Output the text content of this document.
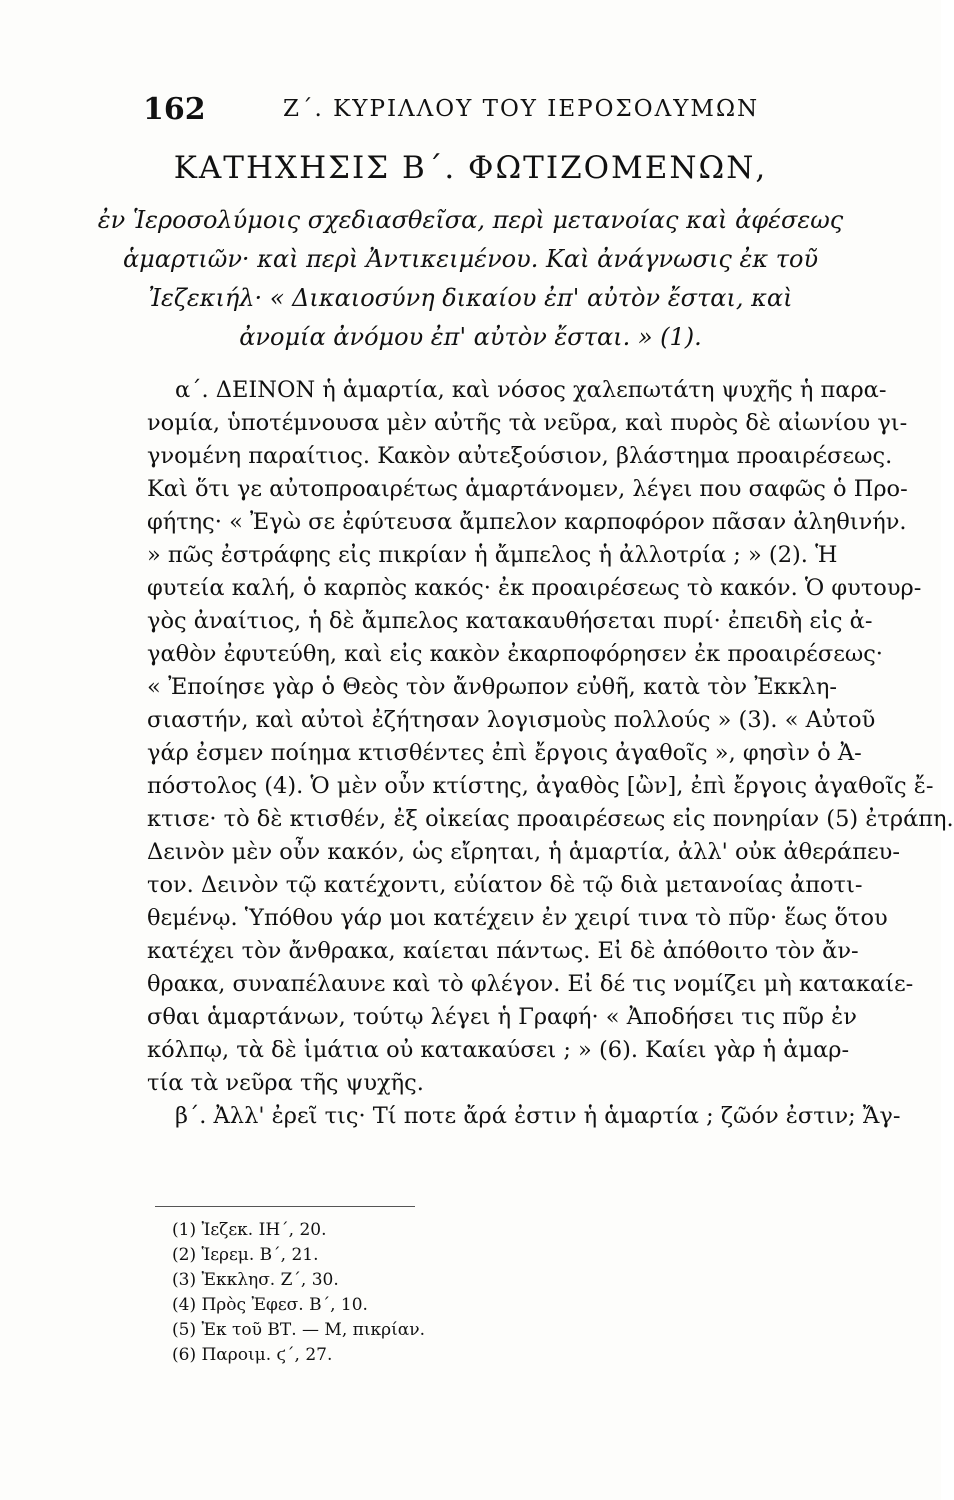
162	Ζ΄. ΚΥΡΙΛΛΟΥ ΤΟΥ ΙΕΡΟΣΟΛΥΜΩΝ
ΚΑΤΗΧΗΣΙΣ Β΄. ΦΩΤΙΖΟΜΕΝΩΝ,
ἐν Ἱεροσολύμοις σχεδιασθεῖσα, περὶ μετανοίας καὶ ἀφέσεως
ἁμαρτιῶν· καὶ περὶ Ἀντικειμένου. Καὶ ἀνάγνωσις ἐκ τοῦ
Ἰεζεκιήλ· « Δικαιοσύνη δικαίου ἐπ' αὐτὸν ἔσται, καὶ
ἀνομία ἀνόμου ἐπ' αὐτὸν ἔσται. » (1).
α΄. ΔΕΙΝΟΝ ἡ ἁμαρτία, καὶ νόσος χαλεπωτάτη ψυχῆς ἡ παρα-
νομία, ὑποτέμνουσα μὲν αὐτῆς τὰ νεῦρα, καὶ πυρὸς δὲ αἰωνίου γι-
γνομένη παραίτιος. Κακὸν αὐτεξούσιον, βλάστημα προαιρέσεως.
Καὶ ὅτι γε αὐτοπροαιρέτως ἁμαρτάνομεν, λέγει που σαφῶς ὁ Προ-
φήτης· « Ἐγὼ σε ἐφύτευσα ἄμπελον καρποφόρον πᾶσαν ἀληθινήν.
» πῶς ἐστράφης εἰς πικρίαν ἡ ἄμπελος ἡ ἀλλοτρία ; » (2). Ἡ
φυτεία καλή, ὁ καρπὸς κακός· ἐκ προαιρέσεως τὸ κακόν. Ὁ φυτουρ-
γὸς ἀναίτιος, ἡ δὲ ἄμπελος κατακαυθήσεται πυρί· ἐπειδὴ εἰς ἀ-
γαθὸν ἐφυτεύθη, καὶ εἰς κακὸν ἐκαρποφόρησεν ἐκ προαιρέσεως·
« Ἐποίησε γὰρ ὁ Θεὸς τὸν ἄνθρωπον εὐθῆ, κατὰ τὸν Ἐκκλη-
σιαστήν, καὶ αὐτοὶ ἐζήτησαν λογισμοὺς πολλούς » (3). « Αὐτοῦ
γάρ ἐσμεν ποίημα κτισθέντες ἐπὶ ἔργοις ἀγαθοῖς », φησὶν ὁ Ἀ-
πόστολος (4). Ὁ μὲν οὖν κτίστης, ἀγαθὸς [ὢν], ἐπὶ ἔργοις ἀγαθοῖς ἔ-
κτισε· τὸ δὲ κτισθέν, ἐξ οἰκείας προαιρέσεως εἰς πονηρίαν (5) ἐτράπη.
Δεινὸν μὲν οὖν κακόν, ὡς εἴρηται, ἡ ἁμαρτία, ἀλλ' οὐκ ἀθεράπευ-
τον. Δεινὸν τῷ κατέχοντι, εὐίατον δὲ τῷ διὰ μετανοίας ἀποτι-
θεμένῳ. Ὑπόθου γάρ μοι κατέχειν ἐν χειρί τινα τὸ πῦρ· ἕως ὅτου
κατέχει τὸν ἄνθρακα, καίεται πάντως. Εἰ δὲ ἀπόθοιτο τὸν ἄν-
θρακα, συναπέλαυνε καὶ τὸ φλέγον. Εἰ δέ τις νομίζει μὴ κατακαίε-
σθαι ἁμαρτάνων, τούτῳ λέγει ἡ Γραφή· « Ἀποδήσει τις πῦρ ἐν
κόλπῳ, τὰ δὲ ἱμάτια οὐ κατακαύσει ; » (6). Καίει γὰρ ἡ ἁμαρ-
τία τὰ νεῦρα τῆς ψυχῆς.
β΄. Ἀλλ' ἐρεῖ τις· Τί ποτε ἄρά ἐστιν ἡ ἁμαρτία ; ζῶόν ἐστιν; Ἄγ-
(1) Ἰεζεκ. ΙΗ΄, 20.
(2) Ἱερεμ. Β΄, 21.
(3) Ἐκκλησ. Ζ΄, 30.
(4) Πρὸς Ἐφεσ. Β΄, 10.
(5) Ἐκ τοῦ ΒΤ. — Μ, πικρίαν.
(6) Παροιμ. ϛ΄, 27.
